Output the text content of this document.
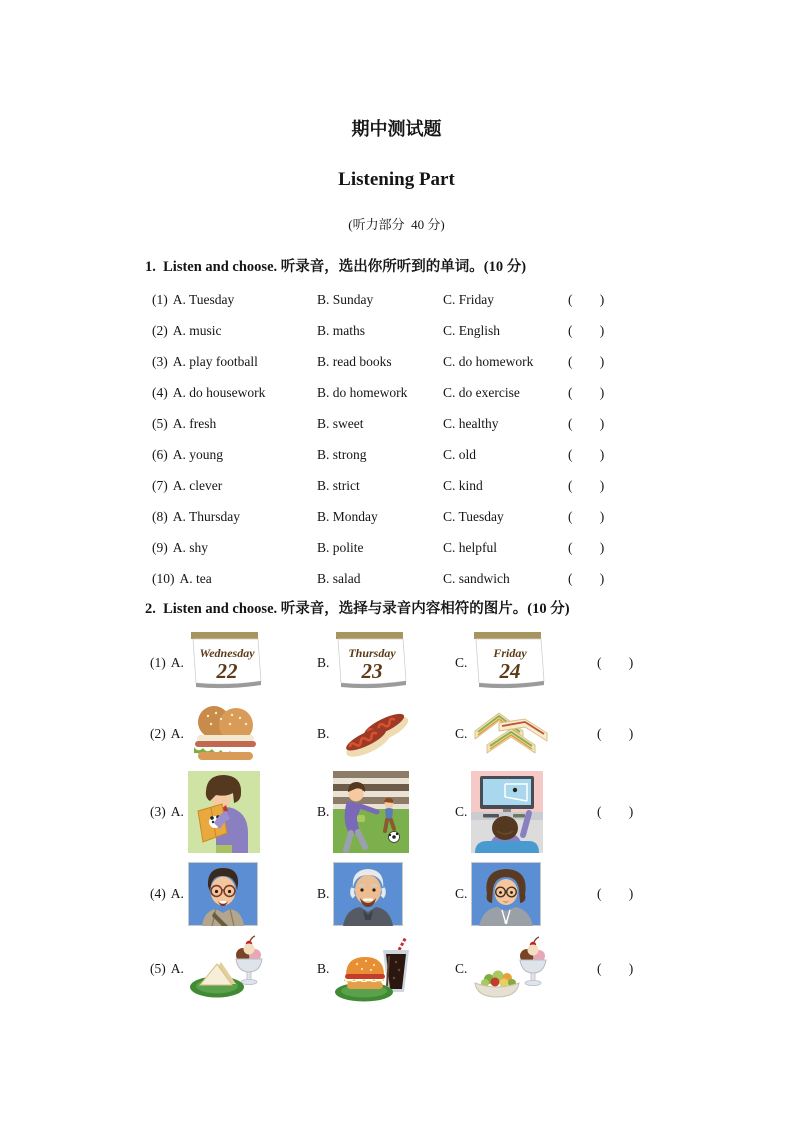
期中测试题
Listening Part
(听力部分  40 分)
1.  Listen and choose. 听录音，选出你所听到的单词。(10 分)
(1) A. Tuesday	B. Sunday	C. Friday	(      )
(2) A. music	B. maths	C. English	(      )
(3) A. play football	B. read books	C. do homework	(      )
(4) A. do housework	B. do homework	C. do exercise	(      )
(5) A. fresh	B. sweet	C. healthy	(      )
(6) A. young	B. strong	C. old	(      )
(7) A. clever	B. strict	C. kind	(      )
(8) A. Thursday	B. Monday	C. Tuesday	(      )
(9) A. shy	B. polite	C. helpful	(      )
(10) A. tea	B. salad	C. sandwich	(      )
2.  Listen and choose. 听录音，选择与录音内容相符的图片。(10 分)
(1) A.
Wednesday
22	B.
Thursday
23	C.
Friday
24	(      )
(2) A.	B.	C.	(      )
(3) A.	B.	C.	(      )
(4) A.	B.	C.	(      )
(5) A.	B.	C.	(      )
